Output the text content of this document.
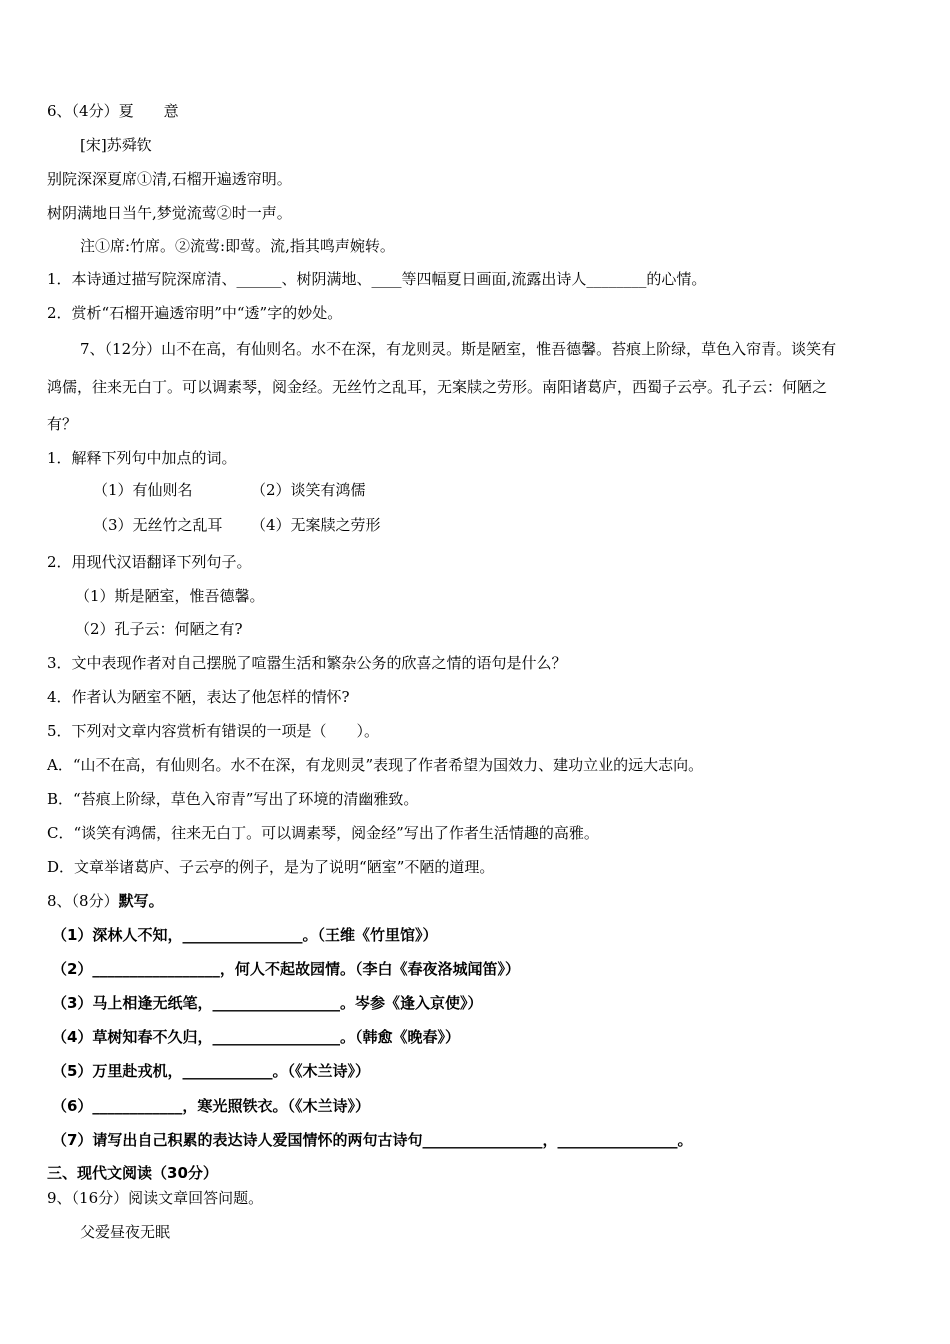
6、（4分）夏　　意
[宋]苏舜钦
别院深深夏席①清,石榴开遍透帘明。
树阴满地日当午,梦觉流莺②时一声。
注①席:竹席。②流莺:即莺。流,指其鸣声婉转。
1．本诗通过描写院深席清、______、树阴满地、____等四幅夏日画面,流露出诗人________的心情。
2．赏析“石榴开遍透帘明”中“透”字的妙处。
7、（12分）山不在高，有仙则名。水不在深，有龙则灵。斯是陋室，惟吾德馨。苔痕上阶绿，草色入帘青。谈笑有
鸿儒，往来无白丁。可以调素琴，阅金经。无丝竹之乱耳，无案牍之劳形。南阳诸葛庐，西蜀子云亭。孔子云：何陋之
有？
1．解释下列句中加点的词。
（1）有仙则名	（2）谈笑有鸿儒
（3）无丝竹之乱耳 （4）无案牍之劳形
2．用现代汉语翻译下列句子。
（1）斯是陋室，惟吾德馨。
（2）孔子云：何陋之有?
3．文中表现作者对自己摆脱了喧嚣生活和繁杂公务的欣喜之情的语句是什么？
4．作者认为陋室不陋，表达了他怎样的情怀?
5．下列对文章内容赏析有错误的一项是（　　）。
A．“山不在高，有仙则名。水不在深，有龙则灵”表现了作者希望为国效力、建功立业的远大志向。
B．“苔痕上阶绿，草色入帘青”写出了环境的清幽雅致。
C．“谈笑有鸿儒，往来无白丁。可以调素琴，阅金经”写出了作者生活情趣的高雅。
D．文章举诸葛庐、子云亭的例子，是为了说明“陋室”不陋的道理。
8、（8分）默写。
（1）深林人不知，________________。（王维《竹里馆》）
（2）_________________，何人不起故园情。（李白《春夜洛城闻笛》）
（3）马上相逢无纸笔，_________________。岑参《逢入京使》）
（4）草树知春不久归，_________________。（韩愈《晚春》）
（5）万里赴戎机，____________。（《木兰诗》）
（6）____________，寒光照铁衣。（《木兰诗》）
（7）请写出自己积累的表达诗人爱国情怀的两句古诗句________________，________________。
三、现代文阅读（30分）
9、（16分）阅读文章回答问题。
父爱昼夜无眠
